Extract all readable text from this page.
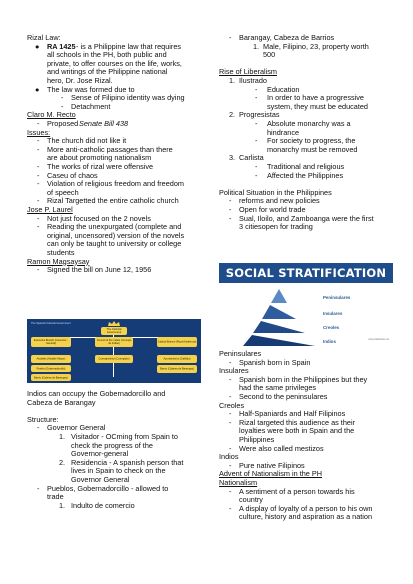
The Spanish Colonial Government
The Colonial Government
Executive Branch (Governor - General)
Council of the Indies (Consejo de Indias)	Judicial Branch (Royal Audiencia)
Alcaldes (Alcalde Mayor)	Corregimiento (Corregidor)	Ayuntamiento (Cabildo)
Pueblo (Gobernadorcillo)
Barrio (Cabeza de Barangay)
Barrio (Cabeza de Barangay)
SOCIAL STRATIFICATION
Peninsulares
Insulares
Creoles
Indios	www.slideshare.net
Rizal Law:
● RA 1425 - is a Philippine law that requires
all schools in the PH, both public and
private, to offer courses on the life, works,
and writings of the Philippine national
hero, Dr. Jose Rizal.
● The law was formed due to
- Sense of Filipino identity was dying
- Detachment
Claro M. Recto
- Proposed Senate Bill 438
Issues:
- The church did not like it
- More anti-catholic passages than there
are about promoting nationalism
- The works of rizal were offensive
- Caseu of chaos
- Violation of religious freedom and freedom
of speech
- Rizal Targetted the entire catholic church
Jose P. Laurel
- Not just focused on the 2 novels
- Reading the unexpurgated (complete and
original, uncensored) version of the novels
can only be taught to university or college
students
Ramon Magsaysay
- Signed the bill on June 12, 1956
Indios can occupy the Gobernadorcillo and
Cabeza de Barangay
Structure:
- Governor General
1. Visitador - OCming from Spain to
check the progress of the
Governor-general
2. Residencia - A spanish person that
lives in Spain to check on the
Governor General
- Pueblos, Gobernadorcillo - allowed to
trade
1. Indulto de comercio
- Barangay, Cabeza de Barrios
1. Male, Filipino, 23, property worth
500
Rise of Liberalism
1. Ilustrado
- Education
- In order to have a progressive
system, they must be educated
2. Progresistas
- Absolute monarchy was a
hindrance
- For society to progress, the
monarchy must be removed
3. Carlista
- Traditional and religious
- Affected the Philippines
Political Situation in the Philippines
- reforms and new policies
- Open for world trade
- Sual, Iloilo, and Zamboanga were the first
3 citiesopen for trading
Peninsulares
- Spanish born in Spain
Insulares
- Spanish born in the Philippines but they
had the same privileges
- Second to the peninsulares
Creoles
- Half-Spaniards and Half Filipinos
- Rizal targeted this audience as their
loyalties were both in Spain and the
Philippines
- Were also called mestizos
Indios
- Pure native Filipinos
Advent of Nationalism in the PH
Nationalism
- A sentiment of a person towards his
country
- A display of loyalty of a person to his own
culture, history and aspiration as a nation
